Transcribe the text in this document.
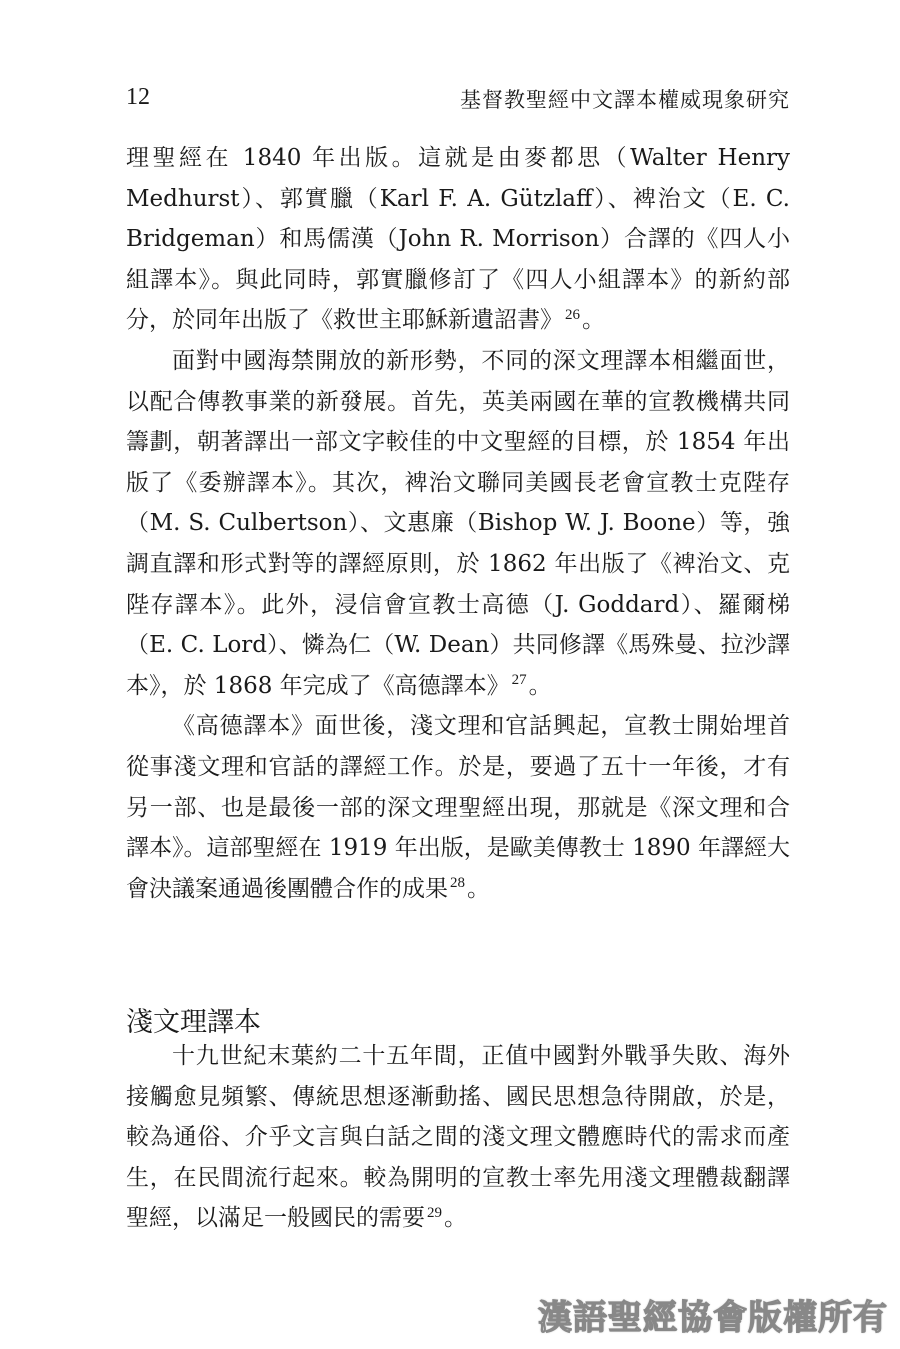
12	基督教聖經中文譯本權威現象研究

理聖經在 1840 年出版。這就是由麥都思（Walter Henry Medhurst）、郭實臘（Karl F. A. Gützlaff）、裨治文（E. C. Bridgeman）和馬儒漢（John R. Morrison）合譯的《四人小組譯本》。與此同時，郭實臘修訂了《四人小組譯本》的新約部分，於同年出版了《救世主耶穌新遺詔書》 $^{26}$。

面對中國海禁開放的新形勢，不同的深文理譯本相繼面世，以配合傳教事業的新發展。首先，英美兩國在華的宣教機構共同籌劃，朝著譯出一部文字較佳的中文聖經的目標，於 1854 年出版了《委辦譯本》。其次，裨治文聯同美國長老會宣教士克陛存（M. S. Culbertson）、文惠廉（Bishop W. J. Boone）等，強調直譯和形式對等的譯經原則，於 1862 年出版了《裨治文、克陛存譯本》。此外，浸信會宣教士高德（J. Goddard）、羅爾梯（E. C. Lord）、憐為仁（W. Dean）共同修譯《馬殊曼、拉沙譯本》，於 1868 年完成了《高德譯本》 $^{27}$。

《高德譯本》面世後，淺文理和官話興起，宣教士開始埋首從事淺文理和官話的譯經工作。於是，要過了五十一年後，才有另一部、也是最後一部的深文理聖經出現，那就是《深文理和合譯本》。這部聖經在 1919 年出版，是歐美傳教士 1890 年譯經大會決議案通過後團體合作的成果 $^{28}$。

淺文理譯本

十九世紀末葉約二十五年間，正值中國對外戰爭失敗、海外接觸愈見頻繁、傳統思想逐漸動搖、國民思想急待開啟，於是，較為通俗、介乎文言與白話之間的淺文理文體應時代的需求而產生，在民間流行起來。較為開明的宣教士率先用淺文理體裁翻譯聖經，以滿足一般國民的需要 $^{29}$。

漢語聖經協會版權所有
